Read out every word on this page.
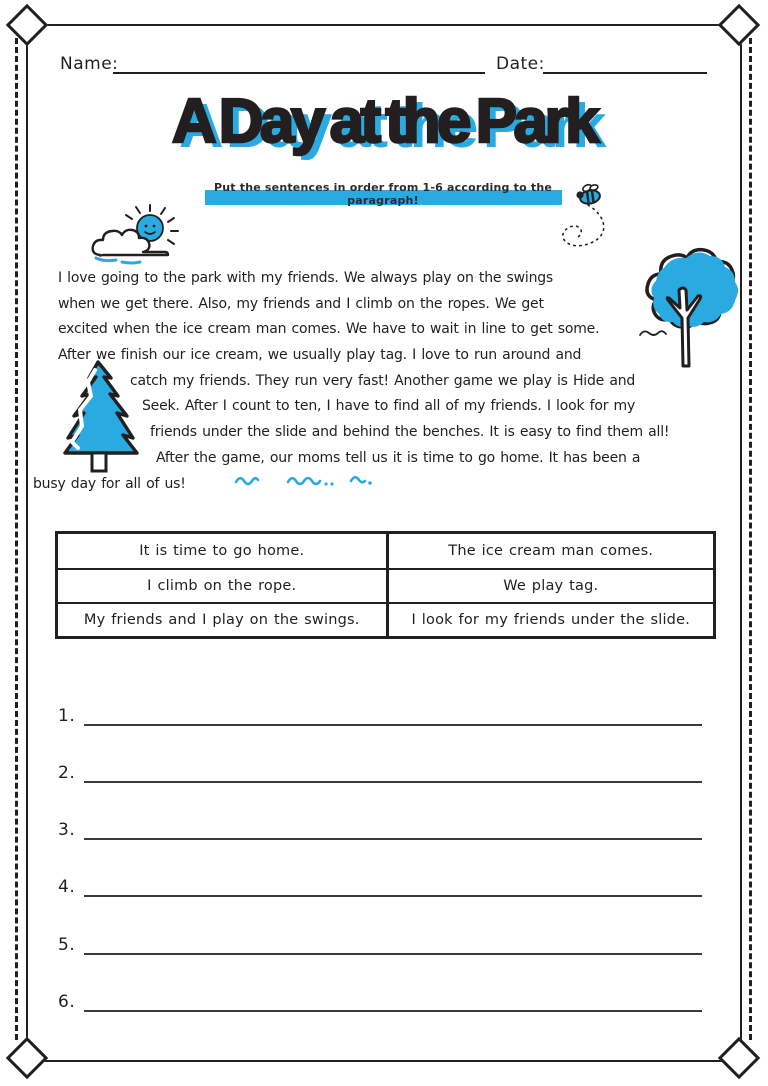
Name:	Date:
A Day at the Park
Put the sentences in order from 1-6 according to the paragraph!
I love going to the park with my friends. We always play on the swings
when we get there. Also, my friends and I climb on the ropes. We get
excited when the ice cream man comes. We have to wait in line to get some.
After we finish our ice cream, we usually play tag. I love to run around and
catch my friends. They run very fast! Another game we play is Hide and
Seek. After I count to ten, I have to find all of my friends. I look for my
friends under the slide and behind the benches. It is easy to find them all!
After the game, our moms tell us it is time to go home. It has been a
busy day for all of us!
It is time to go home.	The ice cream man comes.
I climb on the rope.	We play tag.
My friends and I play on the swings.	I look for my friends under the slide.
1.
2.
3.
4.
5.
6.
